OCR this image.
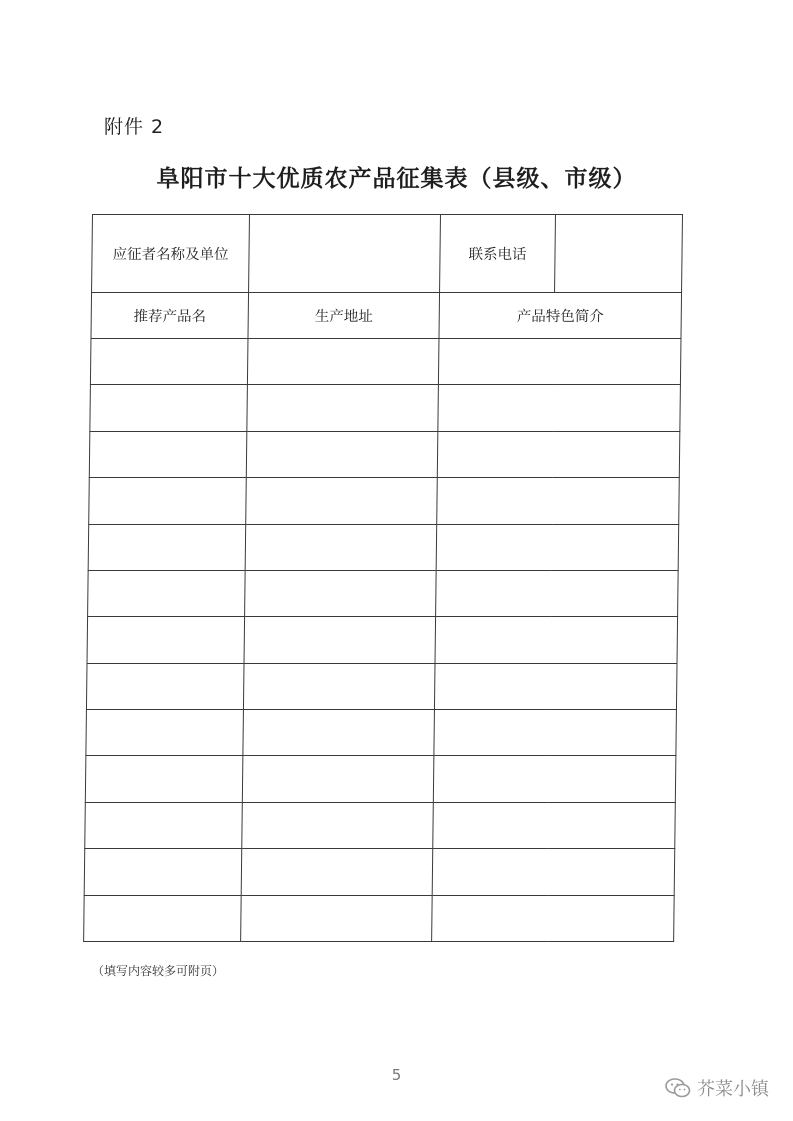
附件 2
阜阳市十大优质农产品征集表（县级、市级）
应征者名称及单位		联系电话	
推荐产品名	生产地址	产品特色简介	

（填写内容较多可附页）
5
芥菜小镇
